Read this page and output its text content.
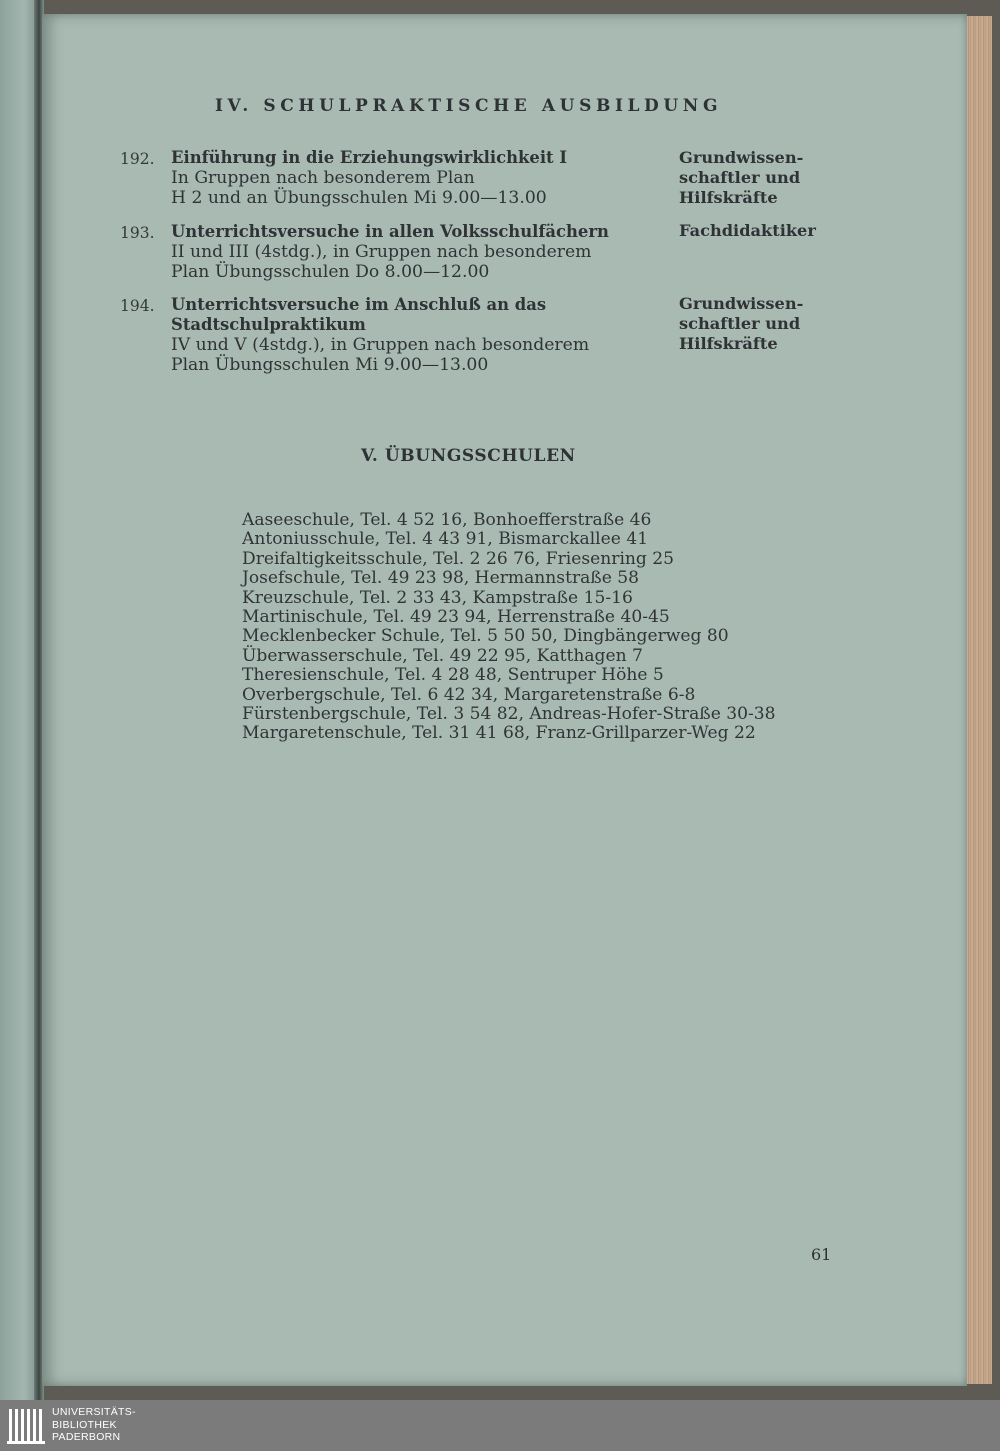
IV. SCHULPRAKTISCHE AUSBILDUNG
192. Einführung in die Erziehungswirklichkeit I
In Gruppen nach besonderem Plan
H 2 und an Übungsschulen Mi 9.00—13.00
Grundwissen-
schaftler und
Hilfskräfte
193. Unterrichtsversuche in allen Volksschulfächern
II und III (4stdg.), in Gruppen nach besonderem
Plan Übungsschulen Do 8.00—12.00
Fachdidaktiker
194. Unterrichtsversuche im Anschluß an das
Stadtschulpraktikum
IV und V (4stdg.), in Gruppen nach besonderem
Plan Übungsschulen Mi 9.00—13.00
Grundwissen-
schaftler und
Hilfskräfte
V. ÜBUNGSSCHULEN
Aaseeschule, Tel. 4 52 16, Bonhoefferstraße 46
Antoniusschule, Tel. 4 43 91, Bismarckallee 41
Dreifaltigkeitsschule, Tel. 2 26 76, Friesenring 25
Josefschule, Tel. 49 23 98, Hermannstraße 58
Kreuzschule, Tel. 2 33 43, Kampstraße 15-16
Martinischule, Tel. 49 23 94, Herrenstraße 40-45
Mecklenbecker Schule, Tel. 5 50 50, Dingbängerweg 80
Überwasserschule, Tel. 49 22 95, Katthagen 7
Theresienschule, Tel. 4 28 48, Sentruper Höhe 5
Overbergschule, Tel. 6 42 34, Margaretenstraße 6-8
Fürstenbergschule, Tel. 3 54 82, Andreas-Hofer-Straße 30-38
Margaretenschule, Tel. 31 41 68, Franz-Grillparzer-Weg 22
61
UNIVERSITÄTS-
BIBLIOTHEK
PADERBORN
